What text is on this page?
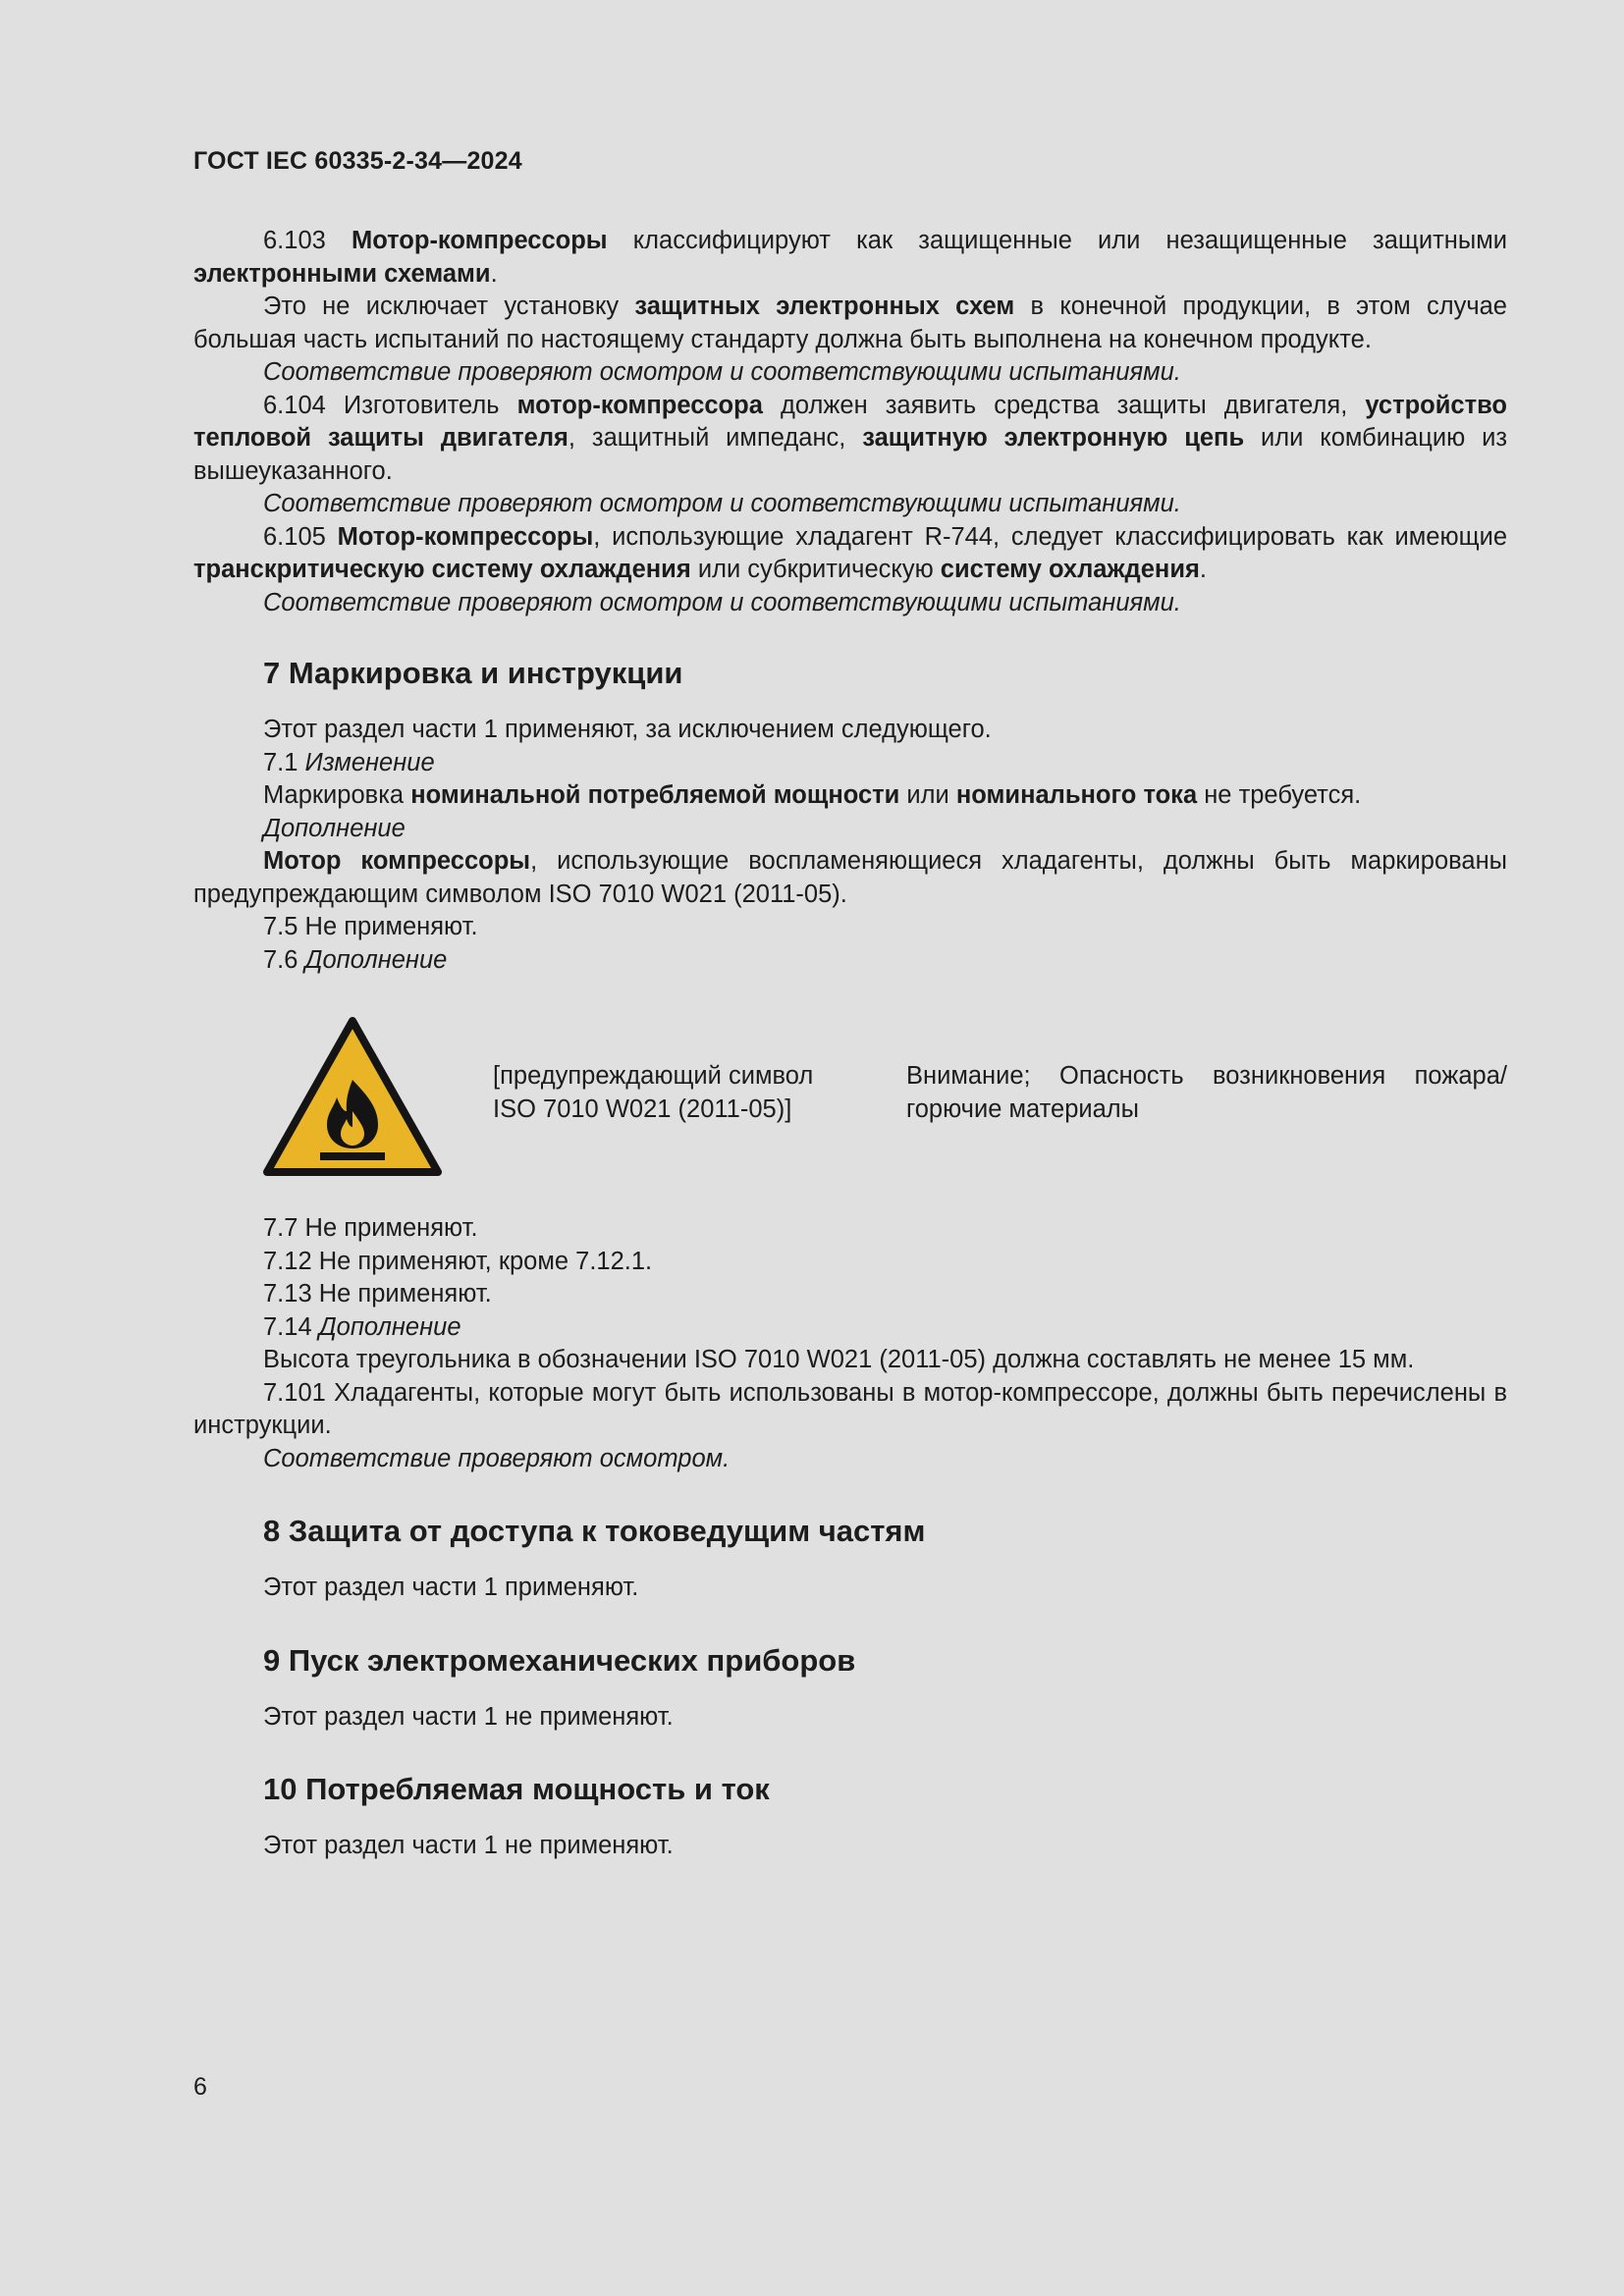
ГОСТ IEC 60335-2-34—2024

6.103 Мотор-компрессоры классифицируют как защищенные или незащищенные защитными электронными схемами.

Это не исключает установку защитных электронных схем в конечной продукции, в этом случае большая часть испытаний по настоящему стандарту должна быть выполнена на конечном продукте.

Соответствие проверяют осмотром и соответствующими испытаниями.

6.104 Изготовитель мотор-компрессора должен заявить средства защиты двигателя, устройство тепловой защиты двигателя, защитный импеданс, защитную электронную цепь или комбинацию из вышеуказанного.

Соответствие проверяют осмотром и соответствующими испытаниями.

6.105 Мотор-компрессоры, использующие хладагент R-744, следует классифицировать как имеющие транскритическую систему охлаждения или субкритическую систему охлаждения.

Соответствие проверяют осмотром и соответствующими испытаниями.

7 Маркировка и инструкции

Этот раздел части 1 применяют, за исключением следующего.

7.1 Изменение

Маркировка номинальной потребляемой мощности или номинального тока не требуется.

Дополнение

Мотор компрессоры, использующие воспламеняющиеся хладагенты, должны быть маркированы предупреждающим символом ISO 7010 W021 (2011-05).

7.5 Не применяют.

7.6 Дополнение

[предупреждающий символ
ISO 7010 W021 (2011-05)]
Внимание; Опасность возникновения пожара/ горючие материалы

7.7 Не применяют.

7.12 Не применяют, кроме 7.12.1.

7.13 Не применяют.

7.14 Дополнение

Высота треугольника в обозначении ISO 7010 W021 (2011-05) должна составлять не менее 15 мм.

7.101 Хладагенты, которые могут быть использованы в мотор-компрессоре, должны быть перечислены в инструкции.

Соответствие проверяют осмотром.

8 Защита от доступа к токоведущим частям

Этот раздел части 1 применяют.

9 Пуск электромеханических приборов

Этот раздел части 1 не применяют.

10 Потребляемая мощность и ток

Этот раздел части 1 не применяют.

6
